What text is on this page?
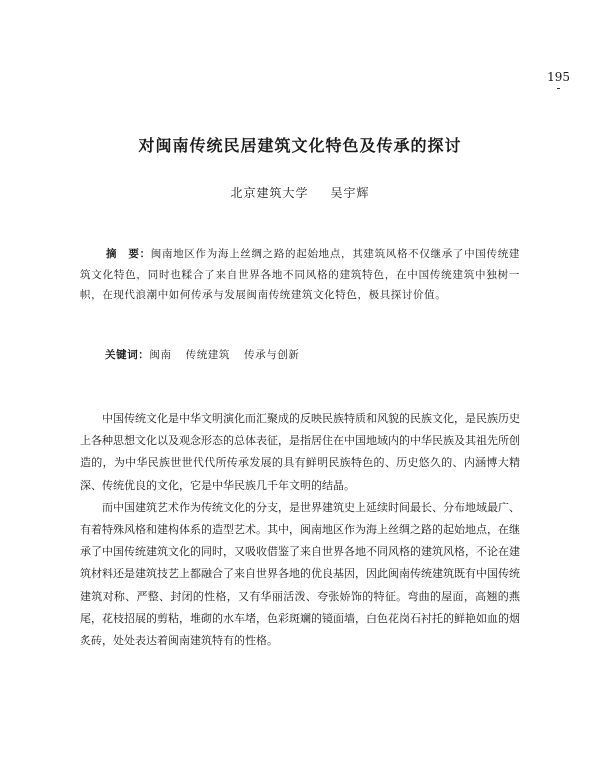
195
-
对闽南传统民居建筑文化特色及传承的探讨
北京建筑大学 吴宇辉
摘　要：闽南地区作为海上丝绸之路的起始地点，其建筑风格不仅继承了中国传统建筑文化特色，同时也糅合了来自世界各地不同风格的建筑特色，在中国传统建筑中独树一帜，在现代浪潮中如何传承与发展闽南传统建筑文化特色，极具探讨价值。
关键词：闽南 传统建筑 传承与创新

中国传统文化是中华文明演化而汇聚成的反映民族特质和风貌的民族文化，是民族历史上各种思想文化以及观念形态的总体表征，是指居住在中国地域内的中华民族及其祖先所创造的，为中华民族世世代代所传承发展的具有鲜明民族特色的、历史悠久的、内涵博大精深、传统优良的文化，它是中华民族几千年文明的结晶。

而中国建筑艺术作为传统文化的分支，是世界建筑史上延续时间最长、分布地域最广、有着特殊风格和建构体系的造型艺术。其中，闽南地区作为海上丝绸之路的起始地点，在继承了中国传统建筑文化的同时，又吸收借鉴了来自世界各地不同风格的建筑风格，不论在建筑材料还是建筑技艺上都融合了来自世界各地的优良基因，因此闽南传统建筑既有中国传统建筑对称、严整、封闭的性格，又有华丽活泼、夸张娇饰的特征。弯曲的屋面，高翘的燕尾，花枝招展的剪粘，堆砌的水车堵，色彩斑斓的镜面墙，白色花岗石衬托的鲜艳如血的烟炙砖，处处表达着闽南建筑特有的性格。
